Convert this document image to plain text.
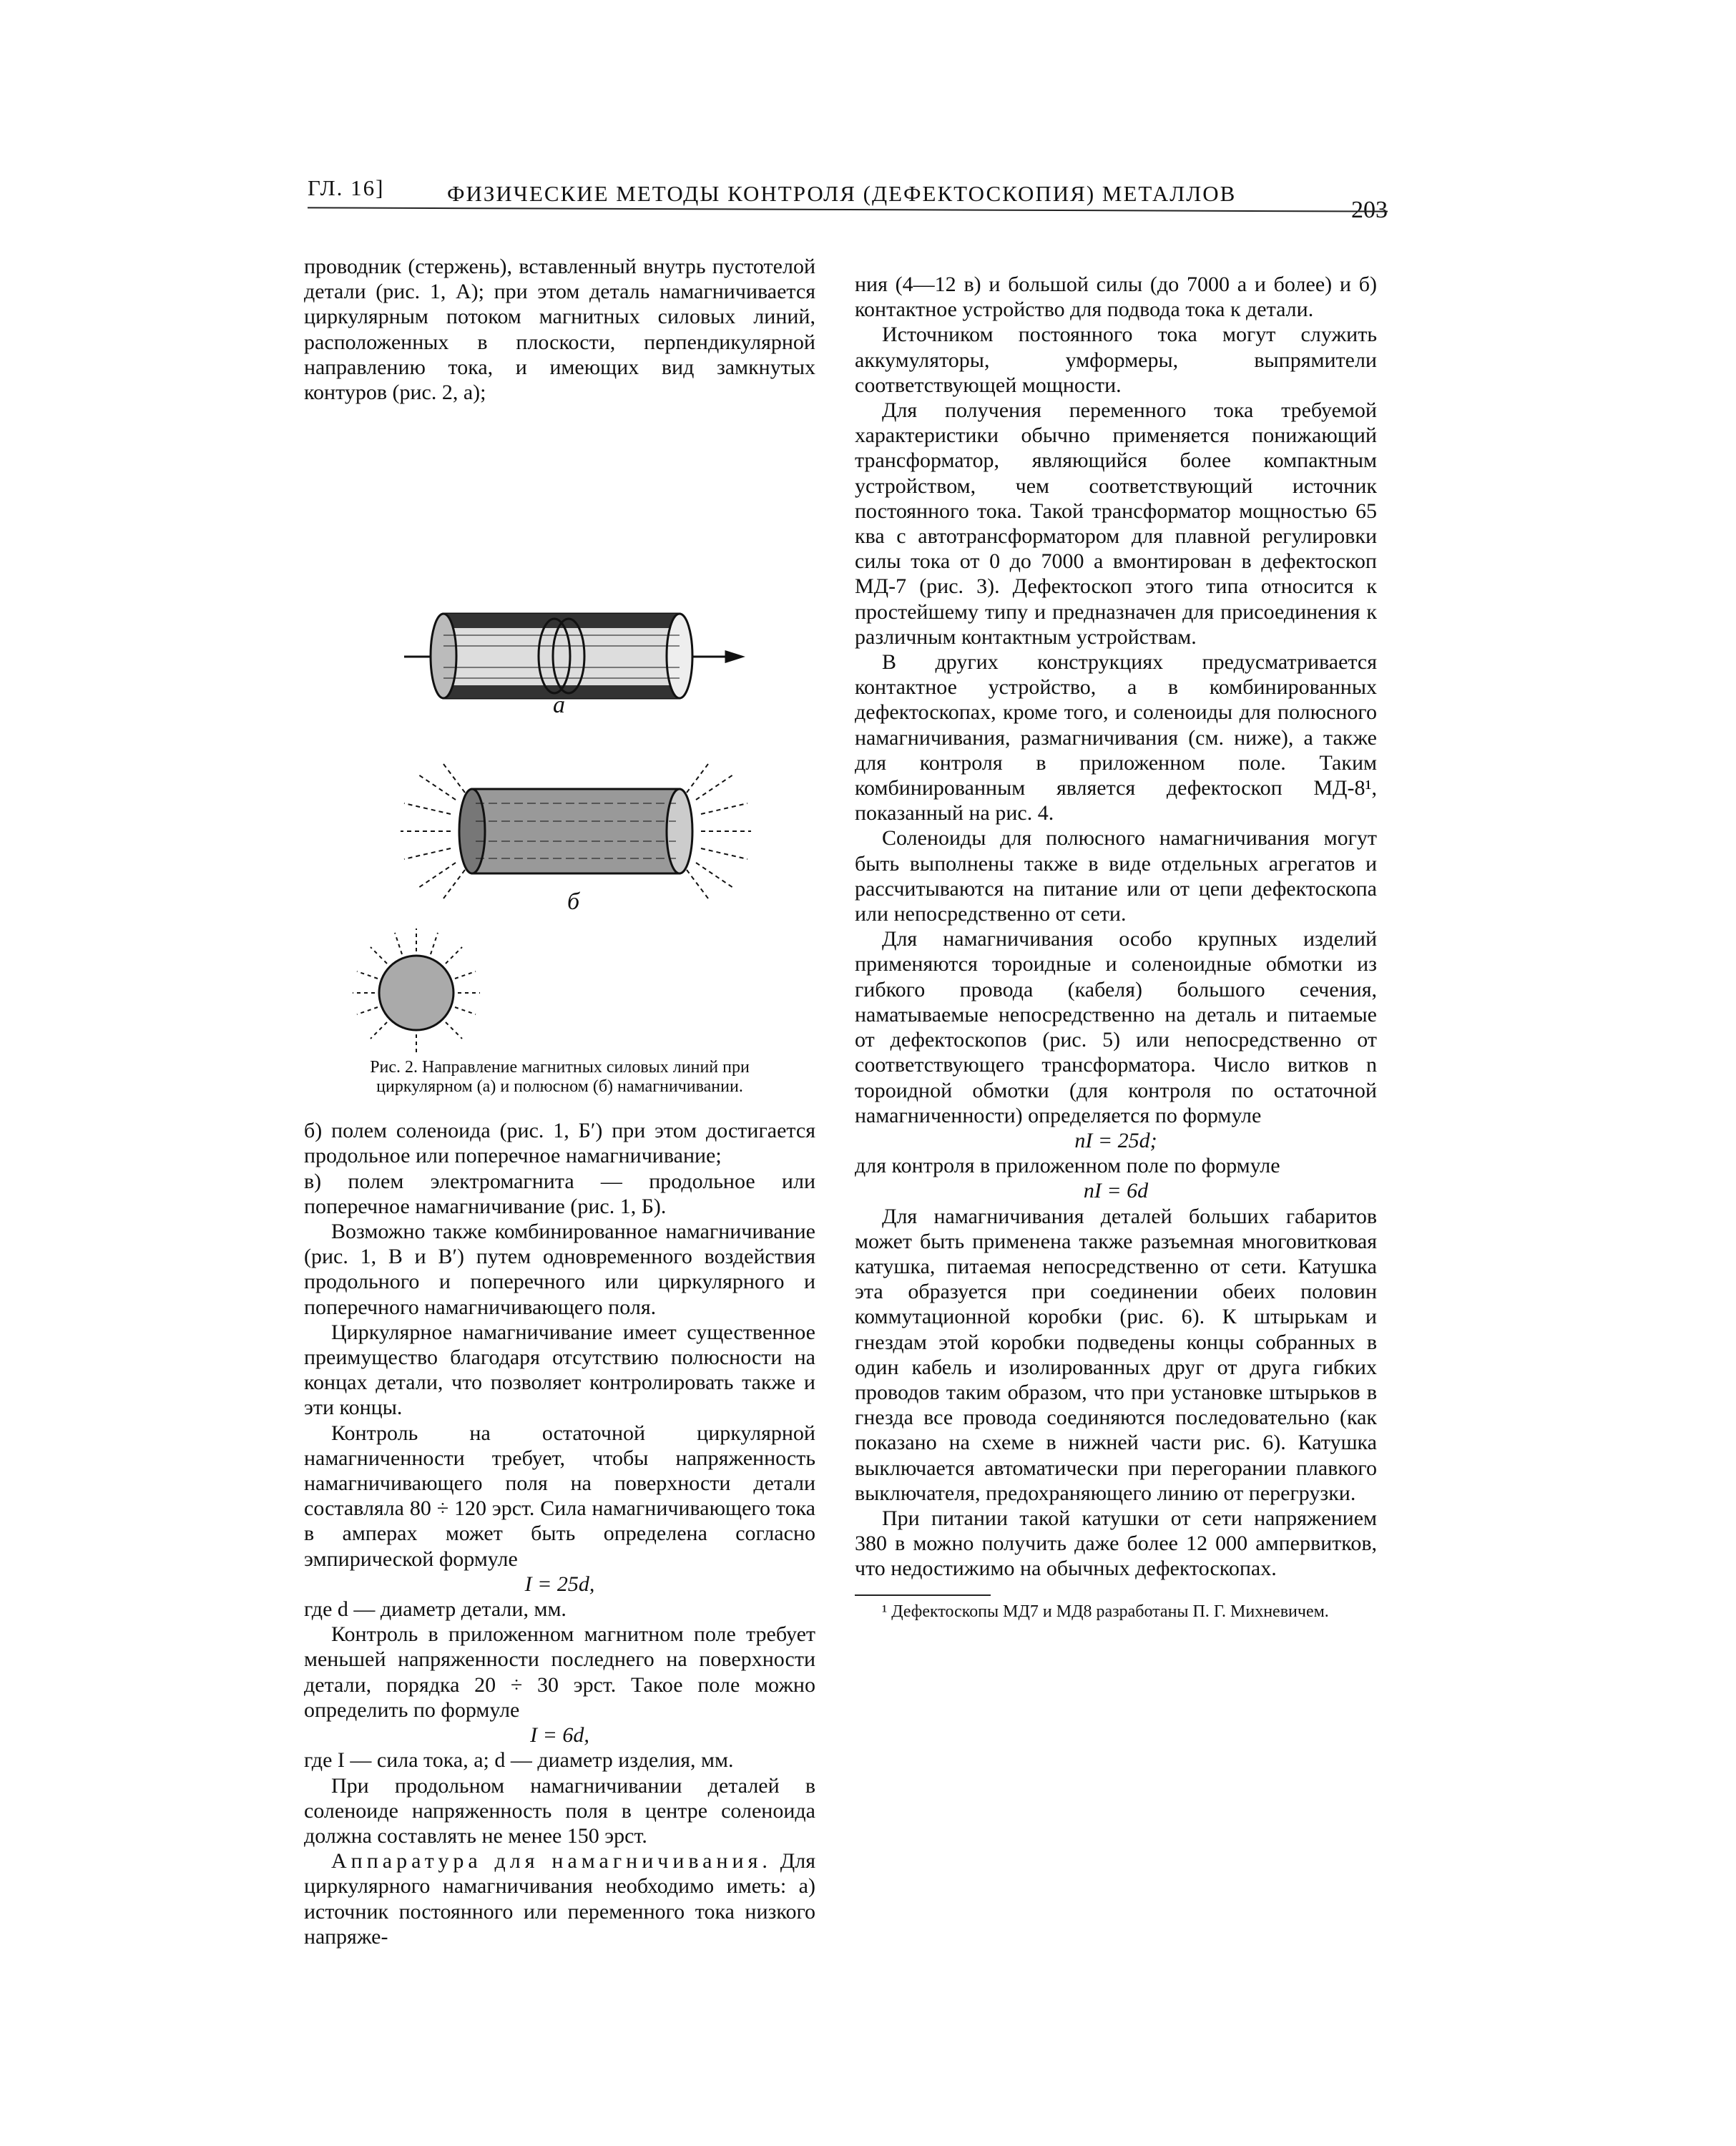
ГЛ. 16]	ФИЗИЧЕСКИЕ МЕТОДЫ КОНТРОЛЯ (ДЕФЕКТОСКОПИЯ) МЕТАЛЛОВ
203

проводник (стержень), вставленный внутрь пустотелой детали (рис. 1, А); при этом деталь намагничивается циркулярным потоком магнитных силовых линий, расположенных в плоскости, перпендикулярной направлению тока, и имеющих вид замкнутых контуров (рис. 2, а);

а
б
Рис. 2. Направление магнитных силовых линий при циркулярном (а) и полюсном (б) намагничивании.

б) полем соленоида (рис. 1, Б′) при этом достигается продольное или поперечное намагничивание;

в) полем электромагнита — продольное или поперечное намагничивание (рис. 1, Б).

Возможно также комбинированное намагничивание (рис. 1, В и В′) путем одновременного воздействия продольного и поперечного или циркулярного и поперечного намагничивающего поля.

Циркулярное намагничивание имеет существенное преимущество благодаря отсутствию полюсности на концах детали, что позволяет контролировать также и эти концы.

Контроль на остаточной циркулярной намагниченности требует, чтобы напряженность намагничивающего поля на поверхности детали составляла 80 ÷ 120 эрст. Сила намагничивающего тока в амперах может быть определена согласно эмпирической формуле

I = 25d,

где d — диаметр детали, мм.

Контроль в приложенном магнитном поле требует меньшей напряженности последнего на поверхности детали, порядка 20 ÷ 30 эрст. Такое поле можно определить по формуле

I = 6d,

где I — сила тока, а; d — диаметр изделия, мм.

При продольном намагничивании деталей в соленоиде напряженность поля в центре соленоида должна составлять не менее 150 эрст.

Аппаратура для намагничивания. Для циркулярного намагничивания необходимо иметь: а) источник постоянного или переменного тока низкого напряже-

ния (4—12 в) и большой силы (до 7000 а и более) и б) контактное устройство для подвода тока к детали.

Источником постоянного тока могут служить аккумуляторы, умформеры, выпрямители соответствующей мощности.

Для получения переменного тока требуемой характеристики обычно применяется понижающий трансформатор, являющийся более компактным устройством, чем соответствующий источник постоянного тока. Такой трансформатор мощностью 65 ква с автотрансформатором для плавной регулировки силы тока от 0 до 7000 а вмонтирован в дефектоскоп МД-7 (рис. 3). Дефектоскоп этого типа относится к простейшему типу и предназначен для присоединения к различным контактным устройствам.

В других конструкциях предусматривается контактное устройство, а в комбинированных дефектоскопах, кроме того, и соленоиды для полюсного намагничивания, размагничивания (см. ниже), а также для контроля в приложенном поле. Таким комбинированным является дефектоскоп МД-8¹, показанный на рис. 4.

Соленоиды для полюсного намагничивания могут быть выполнены также в виде отдельных агрегатов и рассчитываются на питание или от цепи дефектоскопа или непосредственно от сети.

Для намагничивания особо крупных изделий применяются тороидные и соленоидные обмотки из гибкого провода (кабеля) большого сечения, наматываемые непосредственно на деталь и питаемые от дефектоскопов (рис. 5) или непосредственно от соответствующего трансформатора. Число витков n тороидной обмотки (для контроля по остаточной намагниченности) определяется по формуле

nI = 25d;

для контроля в приложенном поле по формуле

nI = 6d

Для намагничивания деталей больших габаритов может быть применена также разъемная многовитковая катушка, питаемая непосредственно от сети. Катушка эта образуется при соединении обеих половин коммутационной коробки (рис. 6). К штырькам и гнездам этой коробки подведены концы собранных в один кабель и изолированных друг от друга гибких проводов таким образом, что при установке штырьков в гнезда все провода соединяются последовательно (как показано на схеме в нижней части рис. 6). Катушка выключается автоматически при перегорании плавкого выключателя, предохраняющего линию от перегрузки.

При питании такой катушки от сети напряжением 380 в можно получить даже более 12 000 ампервитков, что недостижимо на обычных дефектоскопах.

¹ Дефектоскопы МД7 и МД8 разработаны П. Г. Михневичем.
